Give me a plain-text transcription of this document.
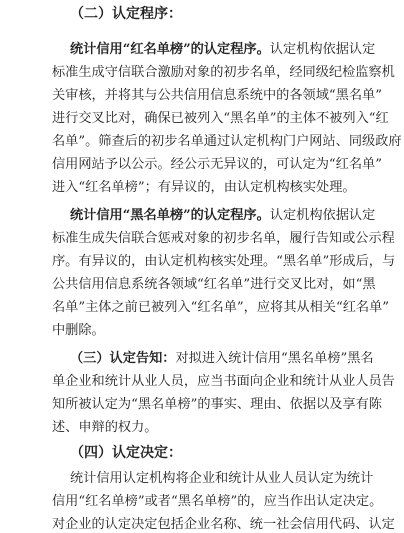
（二）认定程序：
统计信用“红名单榜”的认定程序。认定机构依据认定
标准生成守信联合激励对象的初步名单，经同级纪检监察机
关审核，并将其与公共信用信息系统中的各领域“黑名单”
进行交叉比对，确保已被列入“黑名单”的主体不被列入“红
名单”。筛查后的初步名单通过认定机构门户网站、同级政府
信用网站予以公示。经公示无异议的，可认定为“红名单”
进入“红名单榜”；有异议的，由认定机构核实处理。
统计信用“黑名单榜”的认定程序。认定机构依据认定
标准生成失信联合惩戒对象的初步名单，履行告知或公示程
序。有异议的，由认定机构核实处理。“黑名单”形成后，与
公共信用信息系统各领域“红名单”进行交叉比对，如“黑
名单”主体之前已被列入“红名单”，应将其从相关“红名单”
中删除。
（三）认定告知：对拟进入统计信用“黑名单榜”黑名
单企业和统计从业人员，应当书面向企业和统计从业人员告
知所被认定为“黑名单榜”的事实、理由、依据以及享有陈
述、申辩的权力。
（四）认定决定：
统计信用认定机构将企业和统计从业人员认定为统计
信用“红名单榜”或者“黑名单榜”的，应当作出认定决定。
对企业的认定决定包括企业名称、统一社会信用代码、认定
